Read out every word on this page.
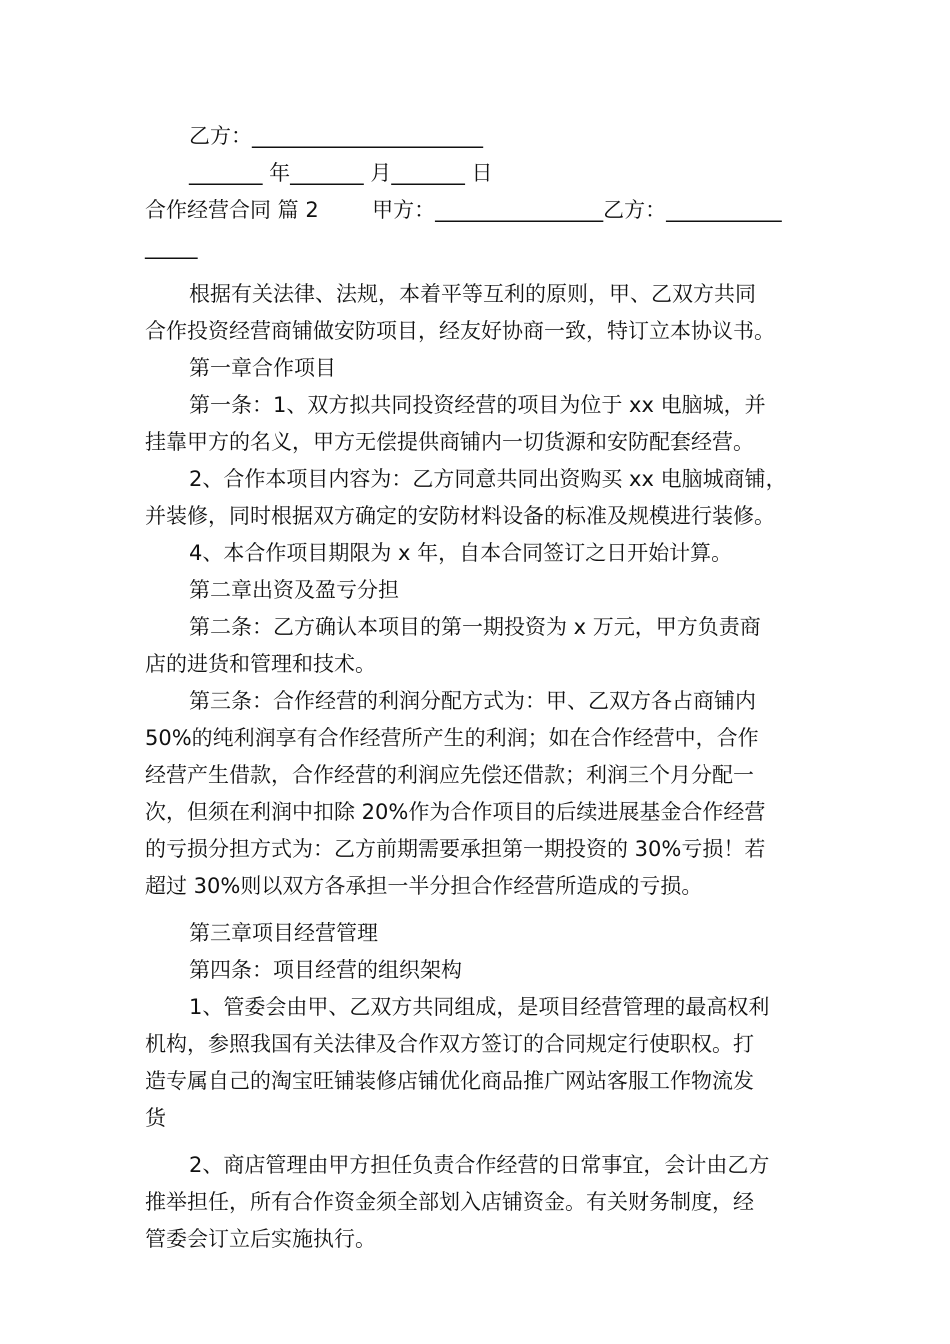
乙方：______________________
_______ 年_______ 月_______ 日
合作经营合同 篇 2        甲方：________________乙方：___________
_____
根据有关法律、法规，本着平等互利的原则，甲、乙双方共同
合作投资经营商铺做安防项目，经友好协商一致，特订立本协议书。
第一章合作项目
第一条：1、双方拟共同投资经营的项目为位于 xx 电脑城，并
挂靠甲方的名义，甲方无偿提供商铺内一切货源和安防配套经营。
2、合作本项目内容为：乙方同意共同出资购买 xx 电脑城商铺，
并装修，同时根据双方确定的安防材料设备的标准及规模进行装修。
4、本合作项目期限为 x 年，自本合同签订之日开始计算。
第二章出资及盈亏分担
第二条：乙方确认本项目的第一期投资为 x 万元，甲方负责商
店的进货和管理和技术。
第三条：合作经营的利润分配方式为：甲、乙双方各占商铺内
50%的纯利润享有合作经营所产生的利润；如在合作经营中，合作
经营产生借款，合作经营的利润应先偿还借款；利润三个月分配一
次，但须在利润中扣除 20%作为合作项目的后续进展基金合作经营
的亏损分担方式为：乙方前期需要承担第一期投资的 30%亏损！若
超过 30%则以双方各承担一半分担合作经营所造成的亏损。
第三章项目经营管理
第四条：项目经营的组织架构
1、管委会由甲、乙双方共同组成，是项目经营管理的最高权利
机构，参照我国有关法律及合作双方签订的合同规定行使职权。打
造专属自己的淘宝旺铺装修店铺优化商品推广网站客服工作物流发
货
2、商店管理由甲方担任负责合作经营的日常事宜，会计由乙方
推举担任，所有合作资金须全部划入店铺资金。有关财务制度，经
管委会订立后实施执行。
